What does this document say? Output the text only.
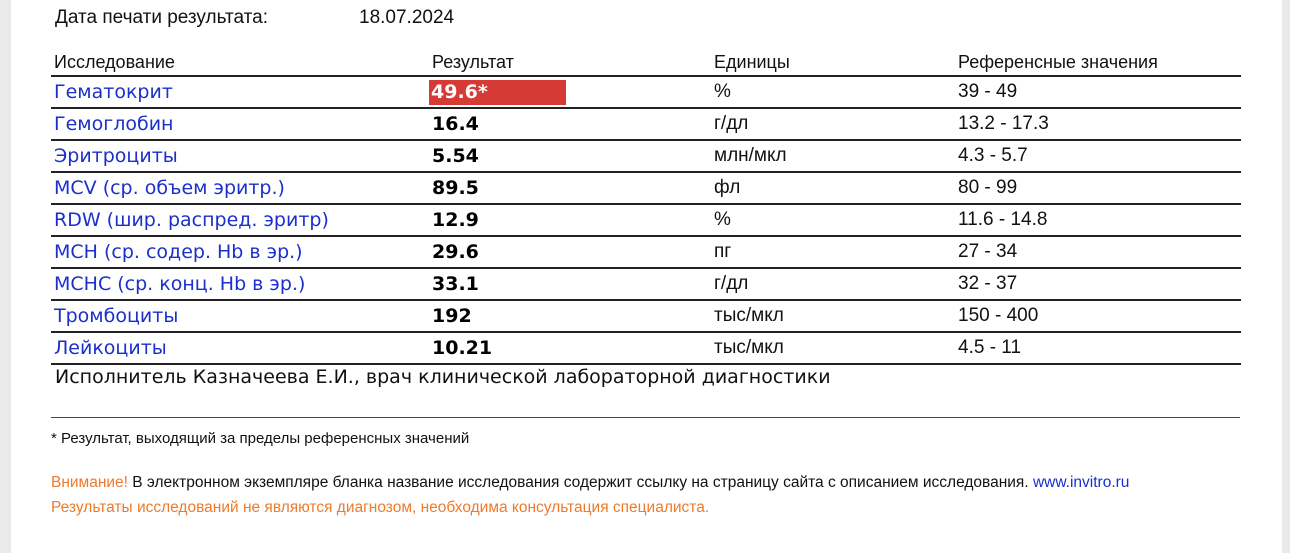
Дата печати результата:	18.07.2024
Исследование	Результат	Единицы	Референсные значения
Гематокрит	49.6*	%	39 - 49
Гемоглобин	16.4	г/дл	13.2 - 17.3
Эритроциты	5.54	млн/мкл	4.3 - 5.7
MCV (ср. объем эритр.)	89.5	фл	80 - 99
RDW (шир. распред. эритр)	12.9	%	11.6 - 14.8
MCH (ср. содер. Hb в эр.)	29.6	пг	27 - 34
MCHC (ср. конц. Hb в эр.)	33.1	г/дл	32 - 37
Тромбоциты	192	тыс/мкл	150 - 400
Лейкоциты	10.21	тыс/мкл	4.5 - 11
Исполнитель Казначеева Е.И., врач клинической лабораторной диагностики
* Результат, выходящий за пределы референсных значений
Внимание! В электронном экземпляре бланка название исследования содержит ссылку на страницу сайта с описанием исследования. www.invitro.ru
Результаты исследований не являются диагнозом, необходима консультация специалиста.
